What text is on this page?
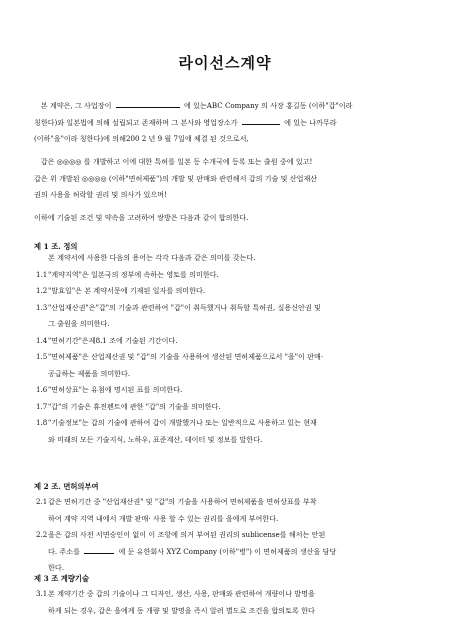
라이선스계약
본 계약은, 그 사업장이	에 있는ABC Company 의 사장 홍길동 (이하"갑"이라
칭한다)와 일본법에 의해 설립되고 존재하며 그 본사와 영업장소가	에 있는 나까무라
(이하"을"이라 칭한다)에 의해200 2 년 9 월 7일에 체결 된 것으로서,
갑은 ◎◎◎◎ 를 개발하고 이에 대한 특허를 일본 등 수개국에 등록 또는 출원 중에 있고!
갑은 위 개발된 ◎◎◎◎ (이하"면허제품")의 개발 및 판매와 관련해서 갑의 기술 및 산업재산
권의 사용을 허락할 권리 및 의사가 있으며!
이하에 기술된 조건 및 약속을 고려하여 쌍방은 다음과 같이 합의한다.
제 1 조. 정의
본 계약서에 사용한 다음의 용어는 각각 다음과 같은 의미를 갖는다.
1.1"계약지역"은 일본국의 정부에 속하는 영토를 의미한다.
1.2"발효일"은 본 계약서문에 기재된 일자를 의미한다.
1.3"산업재산권"은"갑"의 기술과 관련하여 "갑"이 취득했거나 취득할 특허권, 실용신안권 및
그 출원을 의미한다.
1.4"면허기간"은제8.1 조에 기술된 기간이다.
1.5"면허제품"은 산업재산권 및 "갑"의 기술을 사용하여 생산된 면허제품으로서 "을"이 판매·
공급하는 제품을 의미한다.
1.6"면허상표"는 유첨에 명시된 표를 의미한다.
1.7"갑"의 기술은 휴전펜트에 관한 "갑"의 기술을 의미한다.
1.8"기술정보"는 갑의 기술에 관하여 갑이 개발했거나 또는 일반적으로 사용하고 있는 현재
와 미래의 모든 기술지식, 노하우, 표준계산, 데이터 및 정보를 말한다.
제 2 조. 면허의부여
2.1갑은 면허기간 중 "산업재산권" 및 "갑"의 기술을 사용하여 면허제품을 면허상표를 부착
하여 계약 지역 내에서 개발 판매· 사용 할 수 있는 권리를 을에게 부여한다.
2.2을은 갑의 사전 서면승인이 없이 이 조항에 의거 부여된 권리의 sublicense를 해서는 안된
다. 주소를	에 둔 유한회사 XYZ Company (이하"병") 이 면허제품의 생산을 담당
한다.
제 3 조 계량기술
3.1본 계약기간 중 갑의 기술이나 그 디자인, 생산, 사용, 판매와 관련하여 개량이나 발명을
하게 되는 경우, 갑은 을에게 동 개량 및 발명을 즉시 알려 별도로 조건을 합의토록 한다
